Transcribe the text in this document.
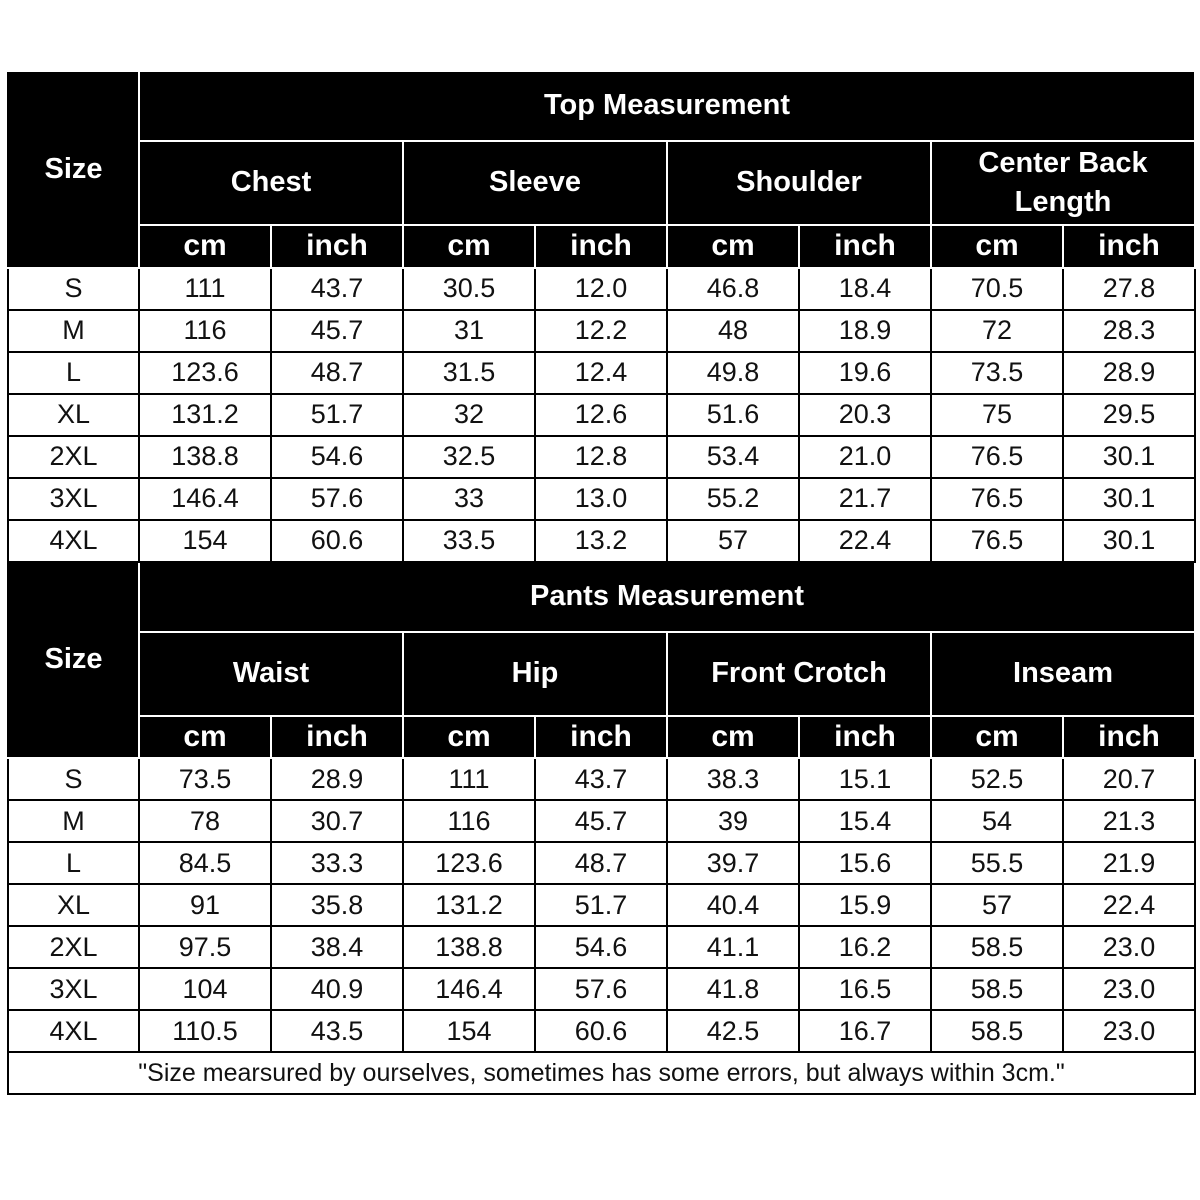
Size	Top Measurement							
	Chest		Sleeve		Shoulder		Center Back Length	
	cm	inch	cm	inch	cm	inch	cm	inch
S	111	43.7	30.5	12.0	46.8	18.4	70.5	27.8
M	116	45.7	31	12.2	48	18.9	72	28.3
L	123.6	48.7	31.5	12.4	49.8	19.6	73.5	28.9
XL	131.2	51.7	32	12.6	51.6	20.3	75	29.5
2XL	138.8	54.6	32.5	12.8	53.4	21.0	76.5	30.1
3XL	146.4	57.6	33	13.0	55.2	21.7	76.5	30.1
4XL	154	60.6	33.5	13.2	57	22.4	76.5	30.1
Size	Pants Measurement							
	Waist		Hip		Front Crotch		Inseam	
	cm	inch	cm	inch	cm	inch	cm	inch
S	73.5	28.9	111	43.7	38.3	15.1	52.5	20.7
M	78	30.7	116	45.7	39	15.4	54	21.3
L	84.5	33.3	123.6	48.7	39.7	15.6	55.5	21.9
XL	91	35.8	131.2	51.7	40.4	15.9	57	22.4
2XL	97.5	38.4	138.8	54.6	41.1	16.2	58.5	23.0
3XL	104	40.9	146.4	57.6	41.8	16.5	58.5	23.0
4XL	110.5	43.5	154	60.6	42.5	16.7	58.5	23.0
"Size mearsured by ourselves, sometimes has some errors, but always within 3cm."								
